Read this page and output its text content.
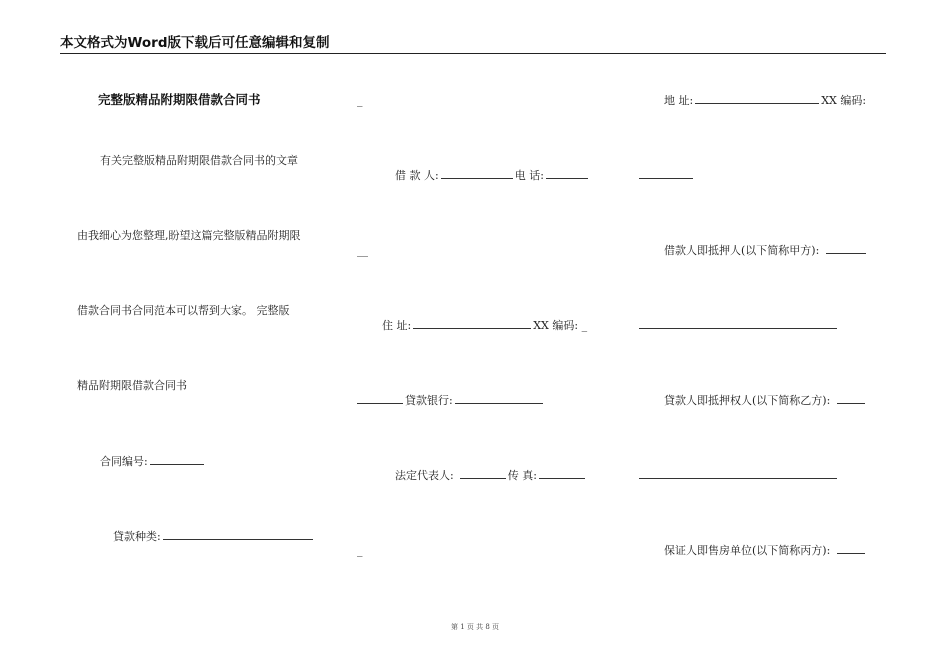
本文格式为Word版下载后可任意编辑和复制
完整版精品附期限借款合同书
有关完整版精品附期限借款合同书的文章
由我细心为您整理,盼望这篇完整版精品附期限
借款合同书合同范本可以帮到大家。 完整版
精品附期限借款合同书
合同编号:
貸款种类:
_
借 款 人:	电 话:
__
住 址:	XX 编码: _
貸款银行:
法定代表人:	传 真:
_
地 址:	XX 编码:
借款人即抵押人(以下简称甲方):
貸款人即抵押权人(以下简称乙方):
保证人即售房单位(以下简称丙方):
第 1 页 共 8 页
